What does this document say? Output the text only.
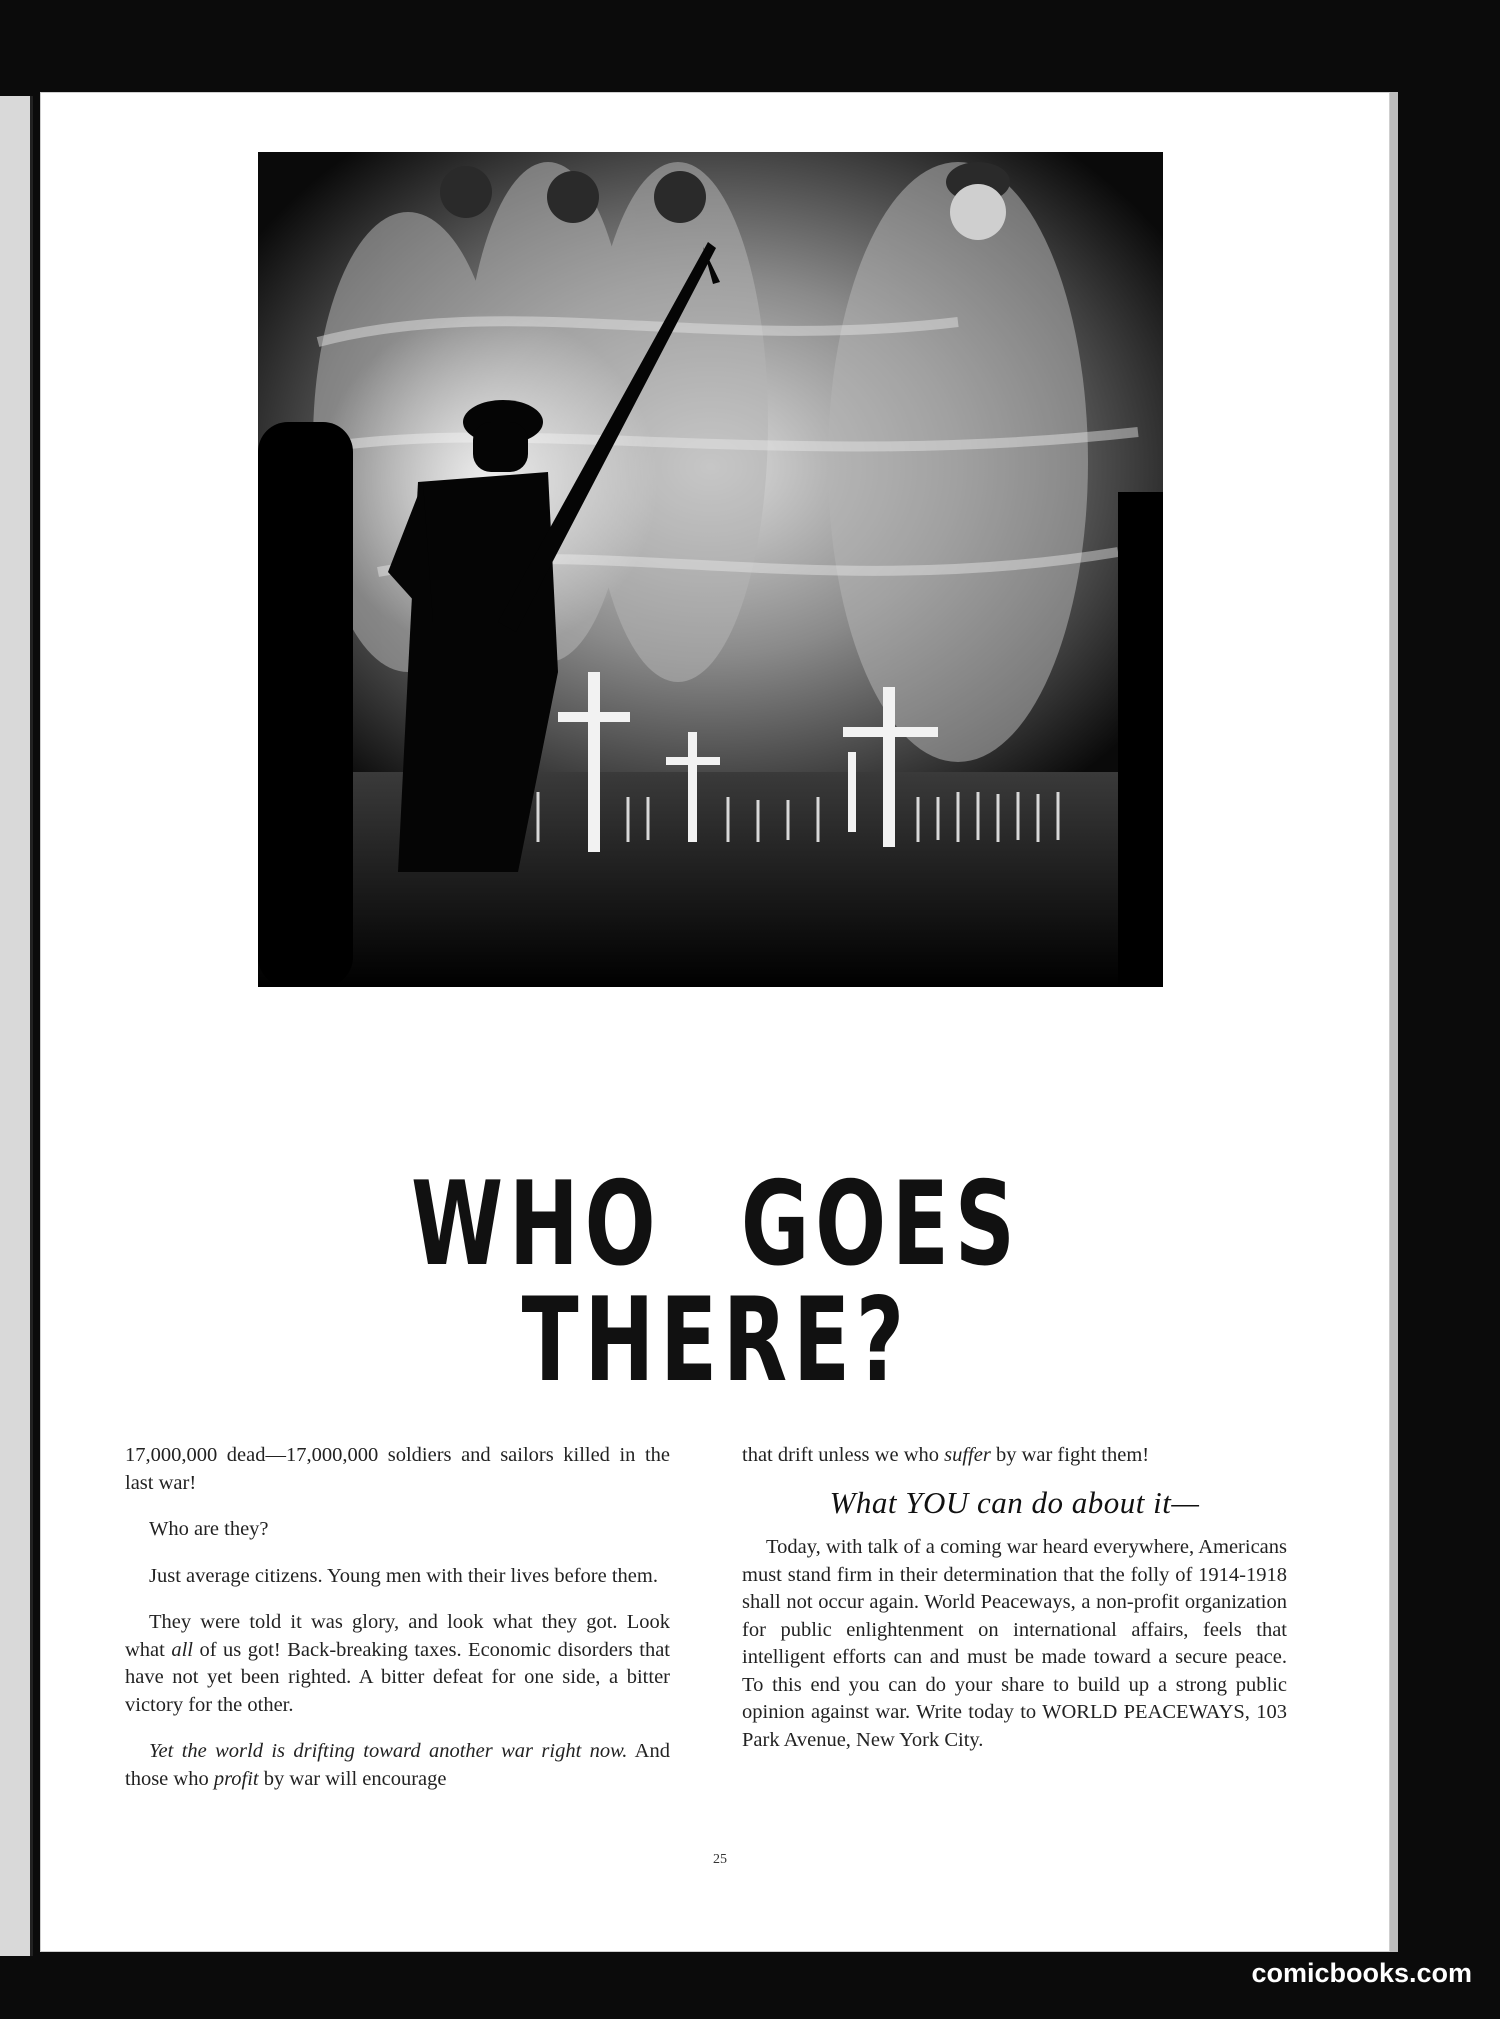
WHO GOES THERE?

17,000,000 dead—17,000,000 soldiers and sailors killed in the last war!

Who are they?

Just average citizens. Young men with their lives before them.

They were told it was glory, and look what they got. Look what all of us got! Back-breaking taxes. Economic disorders that have not yet been righted. A bitter defeat for one side, a bitter victory for the other.

Yet the world is drifting toward another war right now. And those who profit by war will encourage

that drift unless we who suffer by war fight them!

What YOU can do about it—

Today, with talk of a coming war heard everywhere, Americans must stand firm in their determination that the folly of 1914-1918 shall not occur again. World Peaceways, a non-profit organization for public enlightenment on international affairs, feels that intelligent efforts can and must be made toward a secure peace. To this end you can do your share to build up a strong public opinion against war. Write today to WORLD PEACEWAYS, 103 Park Avenue, New York City.

25
comicbooks.com
